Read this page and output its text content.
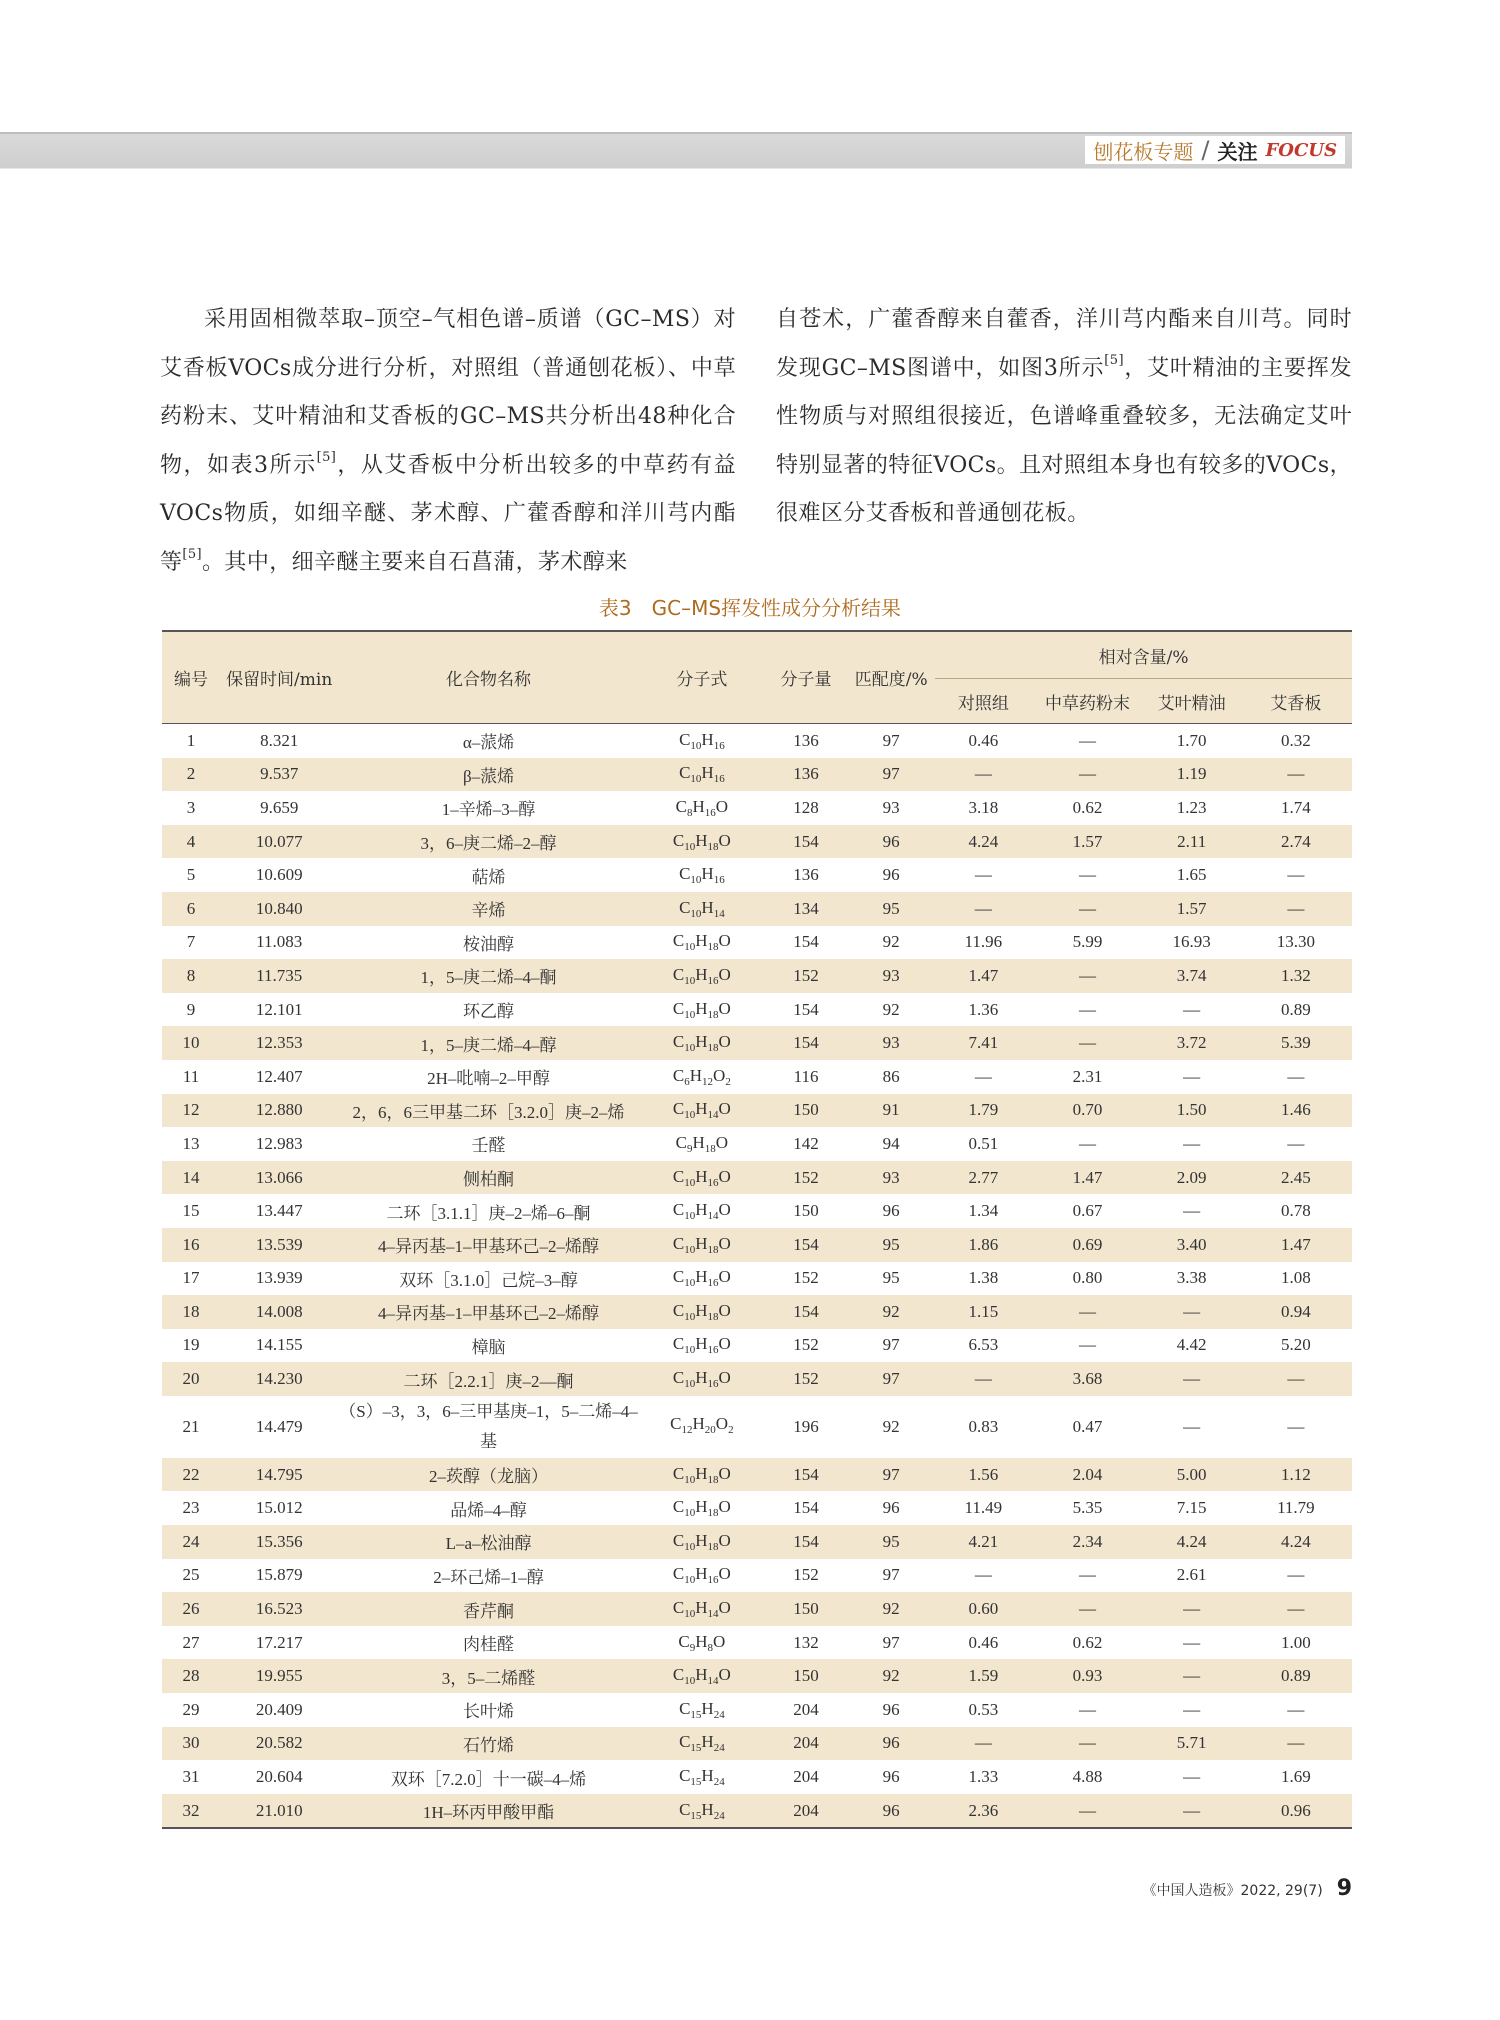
刨花板专题 / 关注 FOCUS

采用固相微萃取–顶空–气相色谱–质谱（GC–MS）对艾香板VOCs成分进行分析，对照组（普通刨花板）、中草药粉末、艾叶精油和艾香板的GC–MS共分析出48种化合物，如表3所示[5]，从艾香板中分析出较多的中草药有益VOCs物质，如细辛醚、茅术醇、广藿香醇和洋川芎内酯等[5]。其中，细辛醚主要来自石菖蒲，茅术醇来

自苍术，广藿香醇来自藿香，洋川芎内酯来自川芎。同时发现GC–MS图谱中，如图3所示[5]，艾叶精油的主要挥发性物质与对照组很接近，色谱峰重叠较多，无法确定艾叶特别显著的特征VOCs。且对照组本身也有较多的VOCs，很难区分艾香板和普通刨花板。

表3　GC–MS挥发性成分分析结果
编号	保留时间/min	化合物名称	分子式	分子量	匹配度/%	相对含量/%			
						对照组	中草药粉末	艾叶精油	艾香板
1	8.321	α–蒎烯	$C_{10}H_{16}$	136	97	0.46	—	1.70	0.32
2	9.537	β–蒎烯	$C_{10}H_{16}$	136	97	—	—	1.19	—
3	9.659	1–辛烯–3–醇	$C_8H_{16}O$	128	93	3.18	0.62	1.23	1.74
4	10.077	3，6–庚二烯–2–醇	$C_{10}H_{18}O$	154	96	4.24	1.57	2.11	2.74
5	10.609	萜烯	$C_{10}H_{16}$	136	96	—	—	1.65	—
6	10.840	辛烯	$C_{10}H_{14}$	134	95	—	—	1.57	—
7	11.083	桉油醇	$C_{10}H_{18}O$	154	92	11.96	5.99	16.93	13.30
8	11.735	1，5–庚二烯–4–酮	$C_{10}H_{16}O$	152	93	1.47	—	3.74	1.32
9	12.101	环乙醇	$C_{10}H_{18}O$	154	92	1.36	—	—	0.89
10	12.353	1，5–庚二烯–4–醇	$C_{10}H_{18}O$	154	93	7.41	—	3.72	5.39
11	12.407	2H–吡喃–2–甲醇	$C_6H_{12}O_2$	116	86	—	2.31	—	—
12	12.880	2，6，6三甲基二环［3.2.0］庚–2–烯	$C_{10}H_{14}O$	150	91	1.79	0.70	1.50	1.46
13	12.983	壬醛	$C_9H_{18}O$	142	94	0.51	—	—	—
14	13.066	侧柏酮	$C_{10}H_{16}O$	152	93	2.77	1.47	2.09	2.45
15	13.447	二环［3.1.1］庚–2–烯–6–酮	$C_{10}H_{14}O$	150	96	1.34	0.67	—	0.78
16	13.539	4–异丙基–1–甲基环己–2–烯醇	$C_{10}H_{18}O$	154	95	1.86	0.69	3.40	1.47
17	13.939	双环［3.1.0］己烷–3–醇	$C_{10}H_{16}O$	152	95	1.38	0.80	3.38	1.08
18	14.008	4–异丙基–1–甲基环己–2–烯醇	$C_{10}H_{18}O$	154	92	1.15	—	—	0.94
19	14.155	樟脑	$C_{10}H_{16}O$	152	97	6.53	—	4.42	5.20
20	14.230	二环［2.2.1］庚–2––酮	$C_{10}H_{16}O$	152	97	—	3.68	—	—
21	14.479	（S）–3，3，6–三甲基庚–1，5–二烯–4–基	$C_{12}H_{20}O_2$	196	92	0.83	0.47	—	—
22	14.795	2–莰醇（龙脑）	$C_{10}H_{18}O$	154	97	1.56	2.04	5.00	1.12
23	15.012	品烯–4–醇	$C_{10}H_{18}O$	154	96	11.49	5.35	7.15	11.79
24	15.356	L–a–松油醇	$C_{10}H_{18}O$	154	95	4.21	2.34	4.24	4.24
25	15.879	2–环己烯–1–醇	$C_{10}H_{16}O$	152	97	—	—	2.61	—
26	16.523	香芹酮	$C_{10}H_{14}O$	150	92	0.60	—	—	—
27	17.217	肉桂醛	$C_9H_8O$	132	97	0.46	0.62	—	1.00
28	19.955	3，5–二烯醛	$C_{10}H_{14}O$	150	92	1.59	0.93	—	0.89
29	20.409	长叶烯	$C_{15}H_{24}$	204	96	0.53	—	—	—
30	20.582	石竹烯	$C_{15}H_{24}$	204	96	—	—	5.71	—
31	20.604	双环［7.2.0］十一碳–4–烯	$C_{15}H_{24}$	204	96	1.33	4.88	—	1.69
32	21.010	1H–环丙甲酸甲酯	$C_{15}H_{24}$	204	96	2.36	—	—	0.96
《中国人造板》2022, 29(7) 9
